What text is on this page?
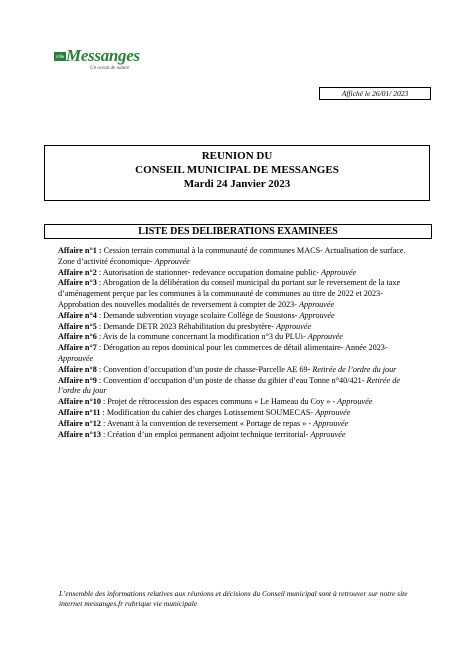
Ville de
Messanges
Un océan de nature
Affiché le 26/01/ 2023
REUNION DU
CONSEIL MUNICIPAL DE MESSANGES
Mardi 24 Janvier 2023
LISTE DES DELIBERATIONS EXAMINEES

Affaire n°1 : Cession terrain communal à la communauté de communes MACS- Actualisation de surface. Zone d’activité économique- Approuvée

Affaire n°2 : Autorisation de stationner- redevance occupation domaine public- Approuvée

Affaire n°3 : Abrogation de la délibération du conseil municipal du portant sur le reversement de la taxe d’aménagement perçue par les communes à la communauté de communes au titre de 2022 et 2023- Approbation des nouvelles modalités de reversement à compter de 2023- Approuvée

Affaire n°4 : Demande subvention voyage scolaire Collège de Soustons- Approuvée

Affaire n°5 : Demande DETR 2023 Réhabilitation du presbytère- Approuvée

Affaire n°6 : Avis de la commune concernant la modification n°3 du PLUi- Approuvée

Affaire n°7 : Dérogation au repos dominical pour les commerces de détail alimentaire- Année 2023- Approuvée

Affaire n°8 : Convention d’occupation d’un poste de chasse-Parcelle AE 69- Retirée de l’ordre du jour

Affaire n°9 : Convention d’occupation d’un poste de chasse du gibier d’eau Tonne n°40/421- Retirée de l’ordre du jour

Affaire n°10 : Projet de rétrocession des espaces communs « Le Hameau du Coy » - Approuvée

Affaire n°11 : Modification du cahier des charges Lotissement SOUMECAS- Approuvée

Affaire n°12 : Avenant à la convention de reversement « Portage de repas » - Approuvée

Affaire n°13 : Création d’un emploi permanent adjoint technique territorial- Approuvée

L’ensemble des informations relatives aux réunions et décisions du Conseil municipal sont à retrouver sur notre site internet messanges.fr rubrique vie municipale
